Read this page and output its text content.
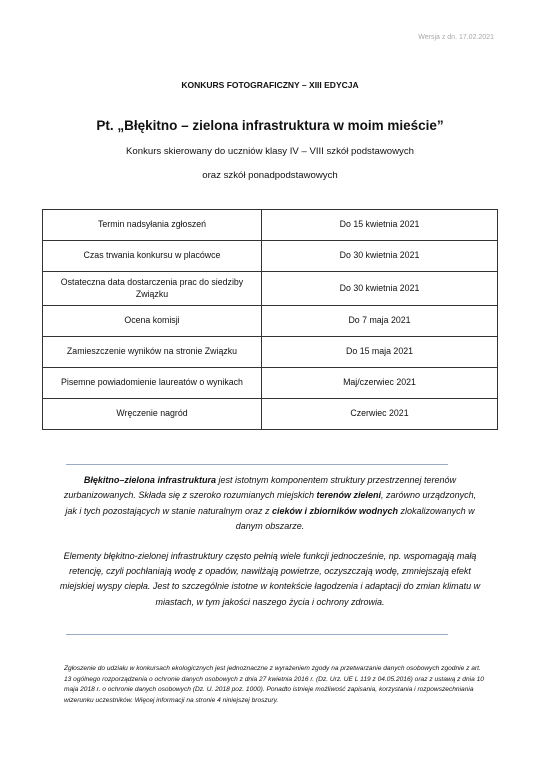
Wersja z dn. 17.02.2021
KONKURS FOTOGRAFICZNY – XIII EDYCJA
Pt. „Błękitno – zielona infrastruktura w moim mieście”
Konkurs skierowany do uczniów klasy IV – VIII szkół podstawowych
oraz szkół ponadpodstawowych
Termin nadsyłania zgłoszeń	Do 15 kwietnia 2021
Czas trwania konkursu w placówce	Do 30 kwietnia 2021
Ostateczna data dostarczenia prac do siedziby Związku	Do 30 kwietnia 2021
Ocena komisji	Do 7 maja 2021
Zamieszczenie wyników na stronie Związku	Do 15 maja 2021
Pisemne powiadomienie laureatów o wynikach	Maj/czerwiec 2021
Wręczenie nagród	Czerwiec 2021

Błękitno–zielona infrastruktura jest istotnym komponentem struktury przestrzennej terenów zurbanizowanych. Składa się z szeroko rozumianych miejskich terenów zieleni, zarówno urządzonych, jak i tych pozostających w stanie naturalnym oraz z cieków i zbiorników wodnych zlokalizowanych w danym obszarze.

Elementy błękitno-zielonej infrastruktury często pełnią wiele funkcji jednocześnie, np. wspomagają małą retencję, czyli pochłaniają wodę z opadów, nawilżają powietrze, oczyszczają wodę, zmniejszają efekt miejskiej wyspy ciepła. Jest to szczególnie istotne w kontekście łagodzenia i adaptacji do zmian klimatu w miastach, w tym jakości naszego życia i ochrony zdrowia.

Zgłoszenie do udziału w konkursach ekologicznych jest jednoznaczne z wyrażeniem zgody na przetwarzanie danych osobowych zgodnie z art. 13 ogólnego rozporządzenia o ochronie danych osobowych z dnia 27 kwietnia 2016 r. (Dz. Urz. UE L 119 z 04.05.2016) oraz z ustawą z dnia 10 maja 2018 r. o ochronie danych osobowych (Dz. U. 2018 poz. 1000). Ponadto istnieje możliwość zapisania, korzystania i rozpowszechniania wizerunku uczestników. Więcej informacji na stronie 4 niniejszej broszury.
